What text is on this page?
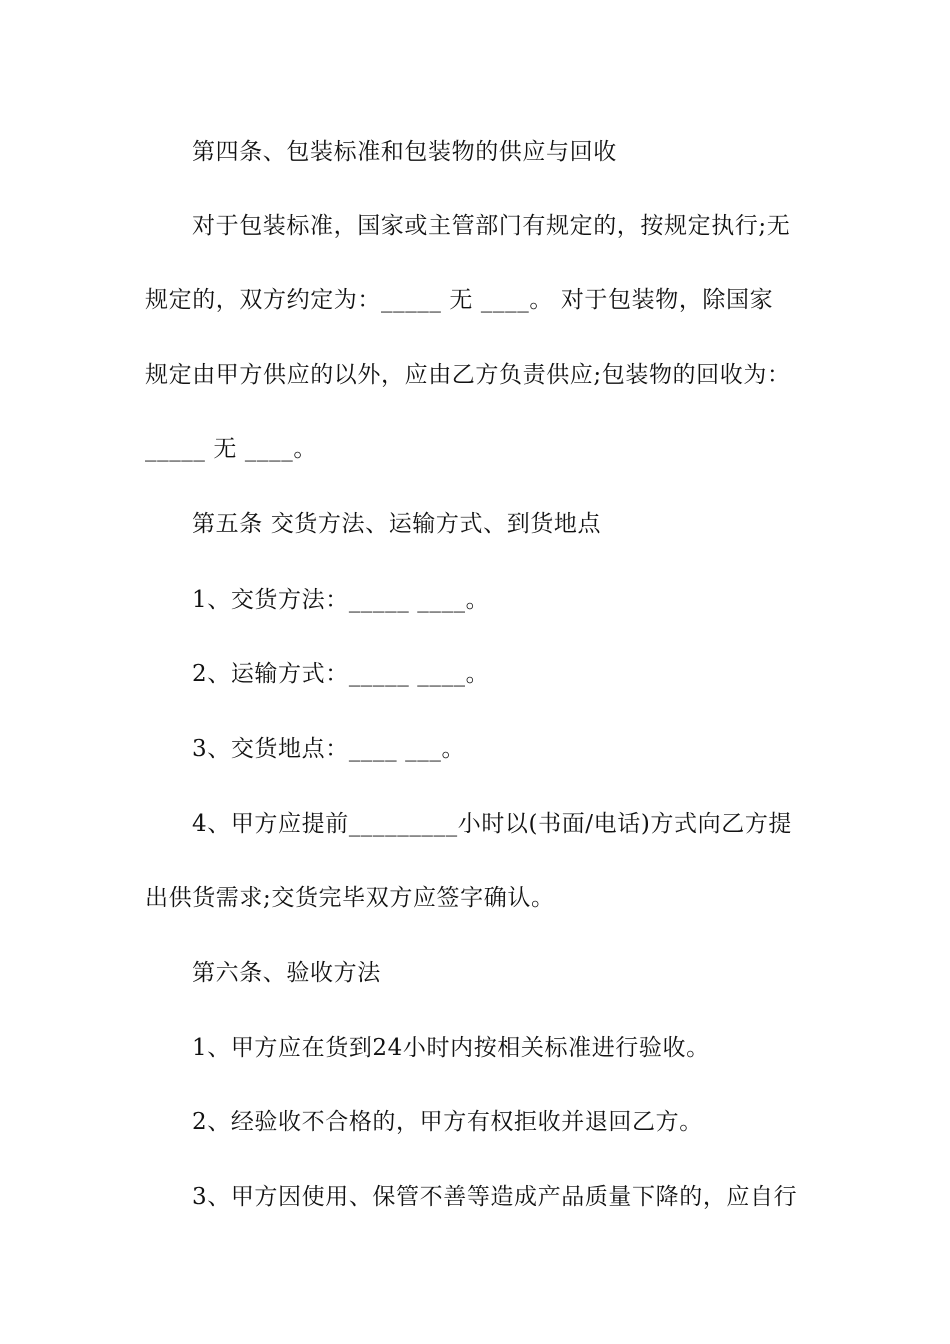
第四条、包装标准和包装物的供应与回收
对于包装标准，国家或主管部门有规定的，按规定执行;无
规定的，双方约定为：_____ 无 ____。 对于包装物，除国家
规定由甲方供应的以外，应由乙方负责供应;包装物的回收为：
_____ 无 ____。
第五条 交货方法、运输方式、到货地点
1、交货方法：_____ ____。
2、运输方式：_____ ____。
3、交货地点：____ ___。
4、甲方应提前_________小时以(书面/电话)方式向乙方提
出供货需求;交货完毕双方应签字确认。
第六条、验收方法
1、甲方应在货到24小时内按相关标准进行验收。
2、经验收不合格的，甲方有权拒收并退回乙方。
3、甲方因使用、保管不善等造成产品质量下降的，应自行
